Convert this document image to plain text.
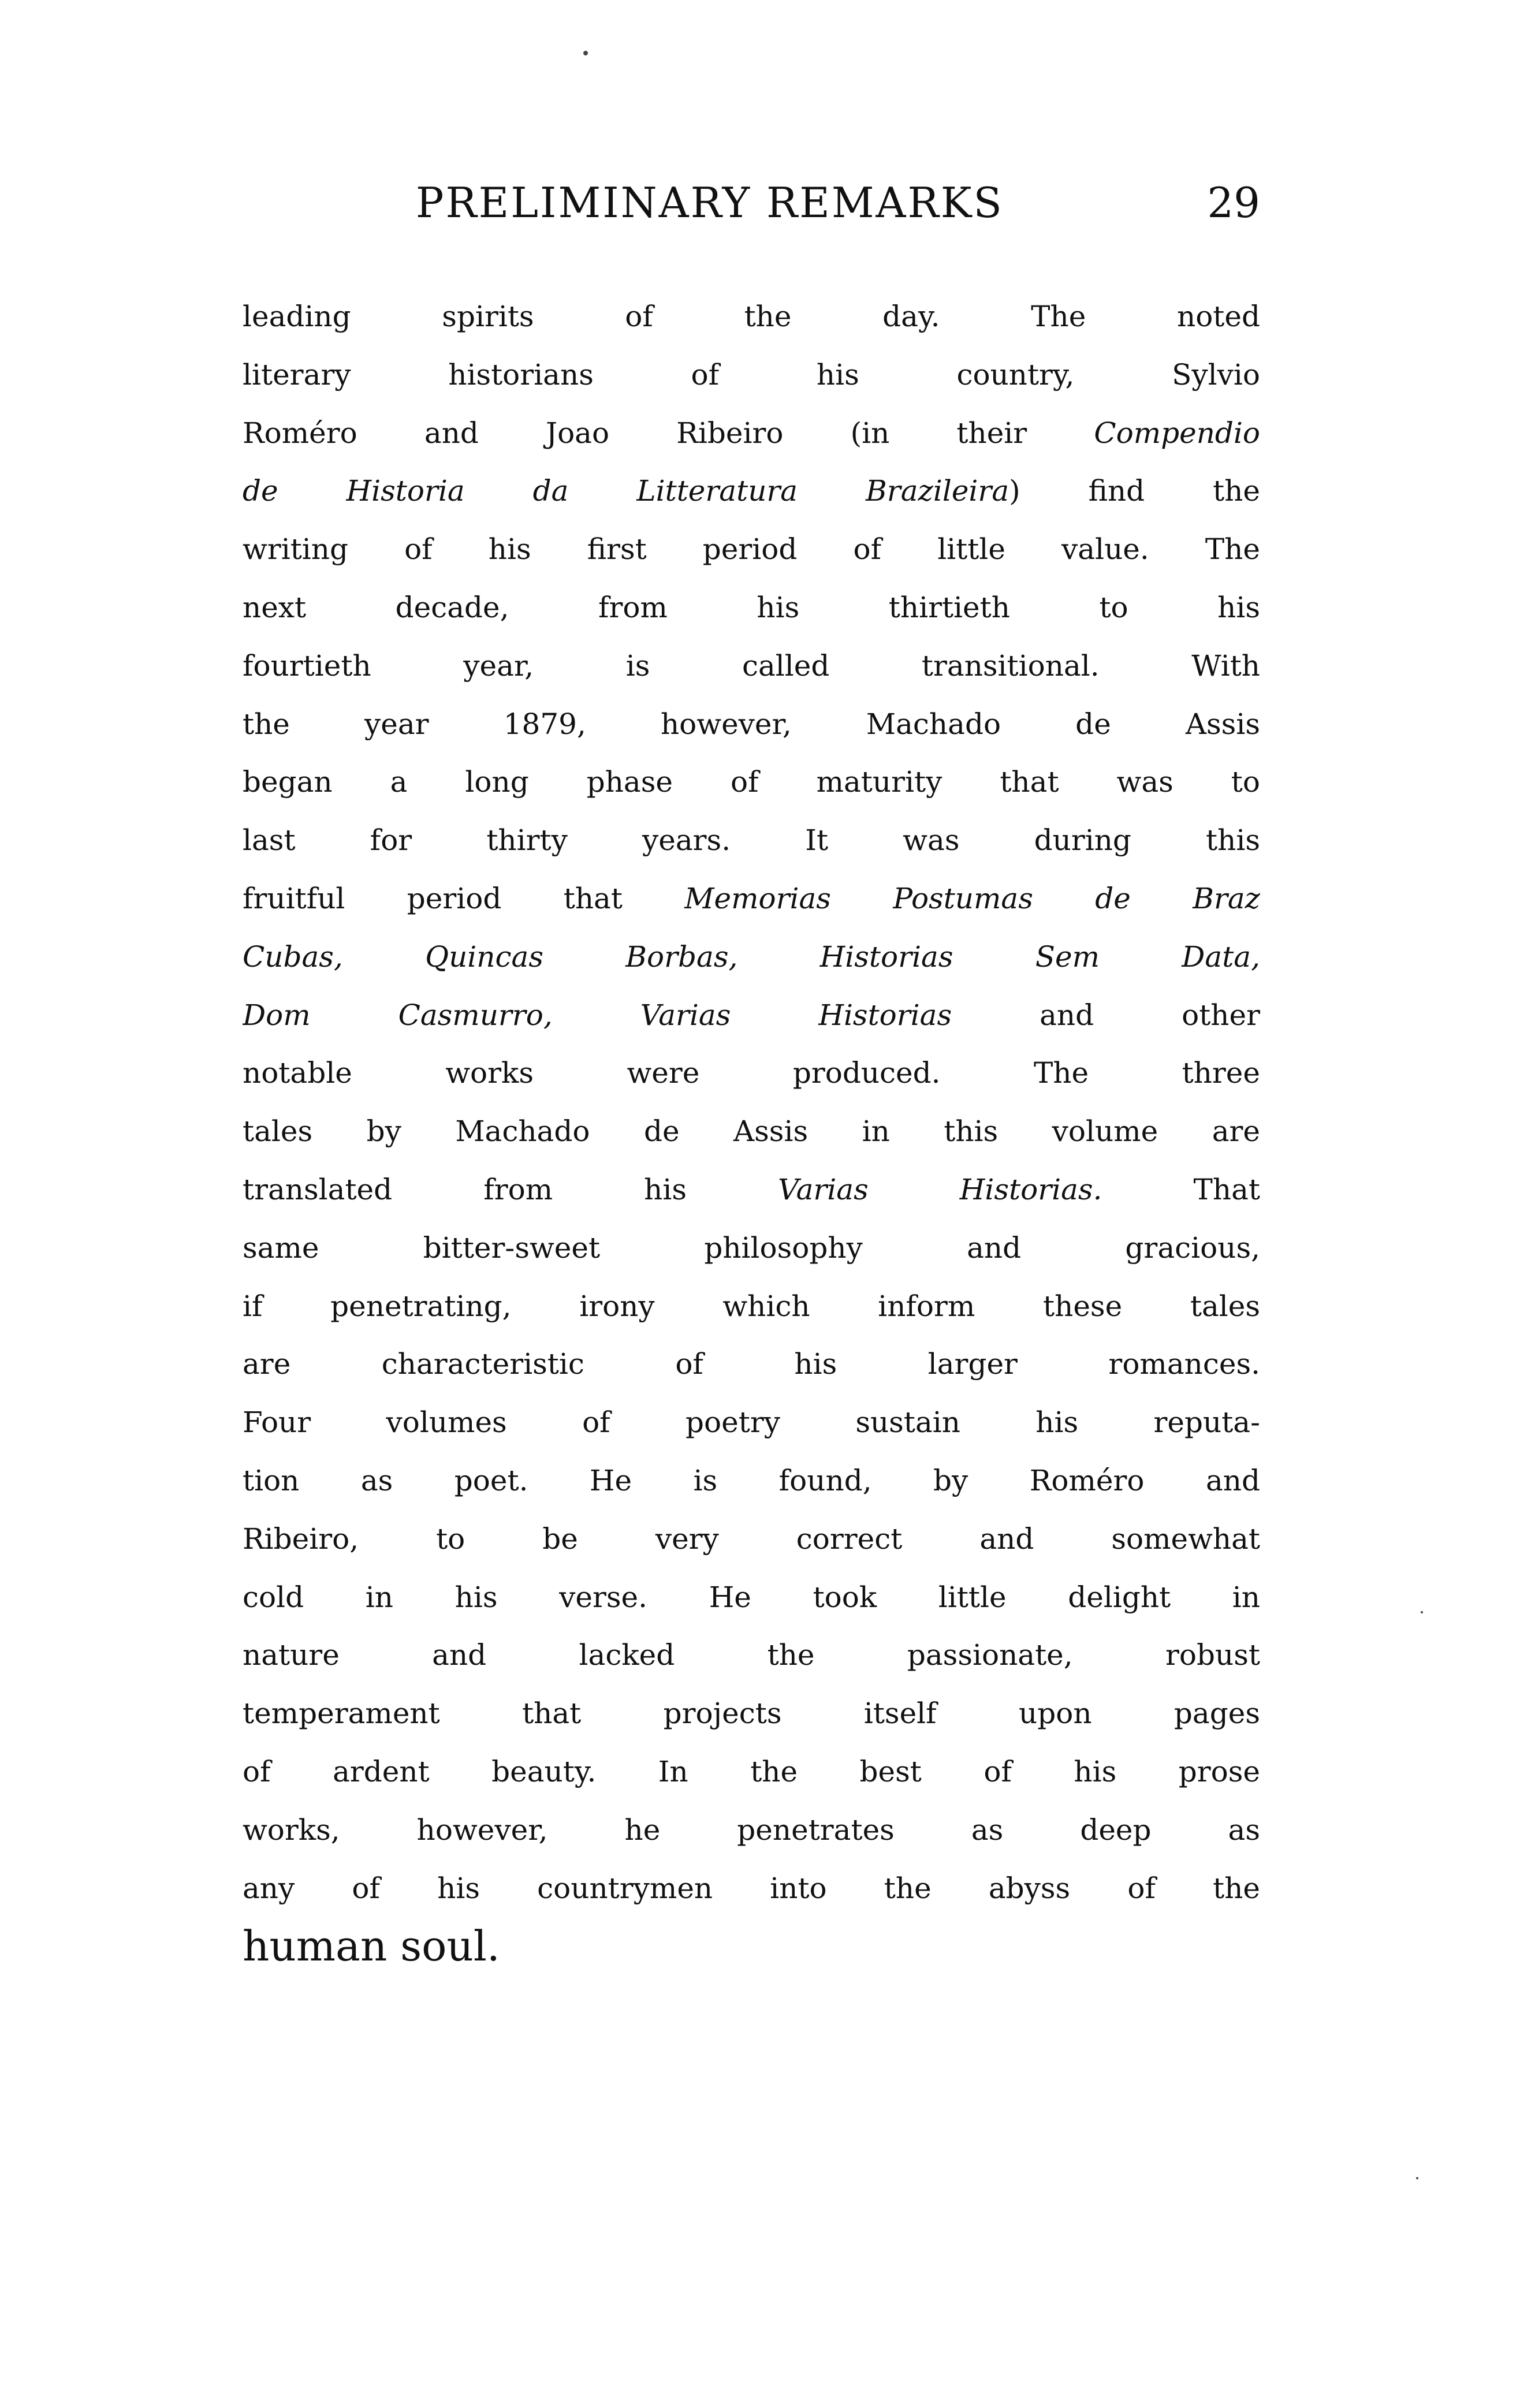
PRELIMINARY REMARKS	29
leading spirits of the day. The noted
literary historians of his country, Sylvio
Roméro and Joao Ribeiro (in their Compendio
de Historia da Litteratura Brazileira) find the
writing of his first period of little value. The
next decade, from his thirtieth to his
fourtieth year, is called transitional. With
the year 1879, however, Machado de Assis
began a long phase of maturity that was to
last for thirty years. It was during this
fruitful period that Memorias Postumas de Braz
Cubas, Quincas Borbas, Historias Sem Data,
Dom Casmurro, Varias Historias and other
notable works were produced. The three
tales by Machado de Assis in this volume are
translated from his Varias Historias. That
same bitter-sweet philosophy and gracious,
if penetrating, irony which inform these tales
are characteristic of his larger romances.
Four volumes of poetry sustain his reputa-
tion as poet. He is found, by Roméro and
Ribeiro, to be very correct and somewhat
cold in his verse. He took little delight in
nature and lacked the passionate, robust
temperament that projects itself upon pages
of ardent beauty. In the best of his prose
works, however, he penetrates as deep as
any of his countrymen into the abyss of the
human soul.
